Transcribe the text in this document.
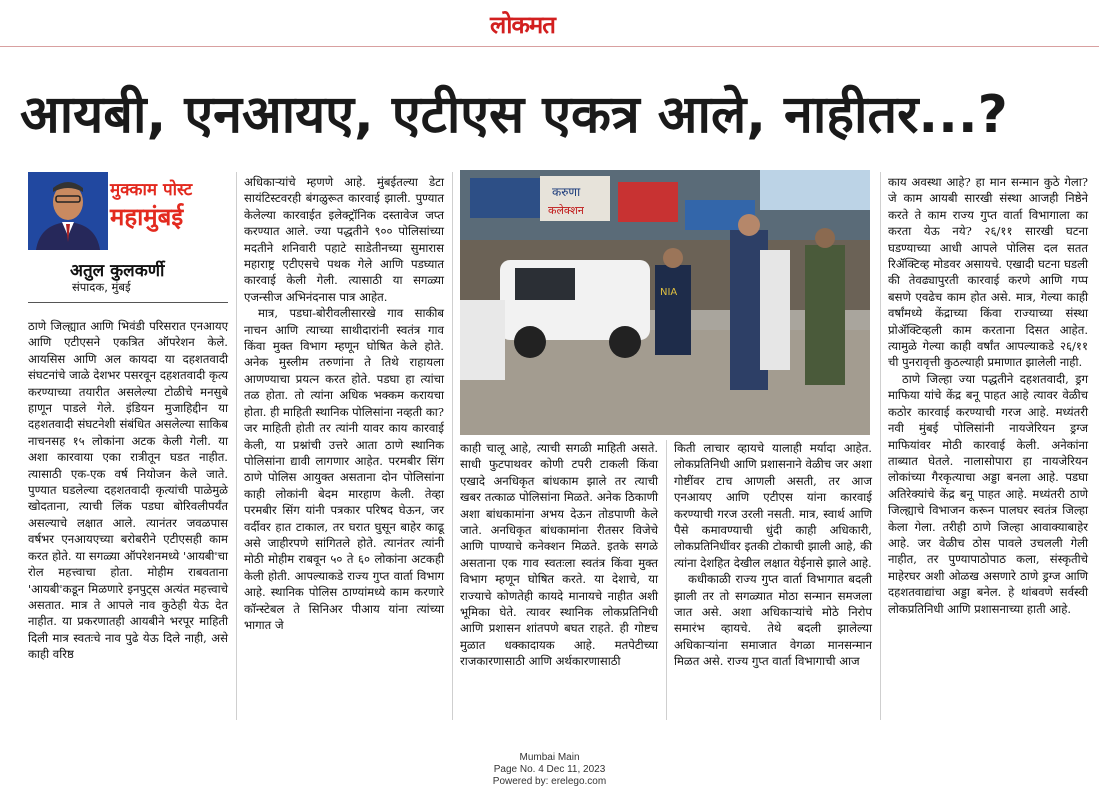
लोकमत
आयबी, एनआयए, एटीएस एकत्र आले, नाहीतर...?
मुक्काम पोस्ट
महामुंबई
अतुल कुलकर्णी
संपादक, मुंबई

ठाणे जिल्ह्यात आणि भिवंडी परिसरात एनआयए आणि एटीएसने एकत्रित ऑपरेशन केले. आयसिस आणि अल कायदा या दहशतवादी संघटनांचे जाळे देशभर पसरवून दहशतवादी कृत्य करण्याच्या तयारीत असलेल्या टोळीचे मनसुबे हाणून पाडले गेले. इंडियन मुजाहिद्दीन या दहशतवादी संघटनेशी संबंधित असलेल्या साकिब नाचनसह १५ लोकांना अटक केली गेली. या अशा कारवाया एका रात्रीतून घडत नाहीत. त्यासाठी एक-एक वर्ष नियोजन केले जाते. पुण्यात घडलेल्या दहशतवादी कृत्यांची पाळेमुळे खोदताना, त्याची लिंक पडघा बोरिवलीपर्यंत असल्याचे लक्षात आले. त्यानंतर जवळपास वर्षभर एनआयएच्या बरोबरीने एटीएसही काम करत होते. या सगळ्या ऑपरेशनमध्ये 'आयबी'चा रोल महत्त्वाचा होता. मोहीम राबवताना 'आयबी'कडून मिळणारे इनपुट्स अत्यंत महत्त्वाचे असतात. मात्र ते आपले नाव कुठेही येऊ देत नाहीत. या प्रकरणातही आयबीने भरपूर माहिती दिली मात्र स्वतःचे नाव पुढे येऊ दिले नाही, असे काही वरिष्ठ

अधिकाऱ्यांचे म्हणणे आहे. मुंबईतल्या डेटा सायंटिस्टवरही बंगळुरूत कारवाई झाली. पुण्यात केलेल्या कारवाईत इलेक्ट्रॉनिक दस्तावेज जप्त करण्यात आले. ज्या पद्धतीने ९०० पोलिसांच्या मदतीने शनिवारी पहाटे साडेतीनच्या सुमारास महाराष्ट्र एटीएसचे पथक गेले आणि पडघ्यात कारवाई केली गेली. त्यासाठी या सगळ्या एजन्सीज अभिनंदनास पात्र आहेत.

मात्र, पडघा-बोरीवलीसारखे गाव साकीब नाचन आणि त्याच्या साथीदारांनी स्वतंत्र गाव किंवा मुक्त विभाग म्हणून घोषित केले होते. अनेक मुस्लीम तरुणांना ते तिथे राहायला आणण्याचा प्रयत्न करत होते. पडघा हा त्यांचा तळ होता. तो त्यांना अधिक भक्कम करायचा होता. ही माहिती स्थानिक पोलिसांना नव्हती का? जर माहिती होती तर त्यांनी यावर काय कारवाई केली, या प्रश्नांची उत्तरे आता ठाणे स्थानिक पोलिसांना द्यावी लागणार आहेत. परमबीर सिंग ठाणे पोलिस आयुक्त असताना दोन पोलिसांना काही लोकांनी बेदम मारहाण केली. तेव्हा परमबीर सिंग यांनी पत्रकार परिषद घेऊन, जर वर्दीवर हात टाकाल, तर घरात घुसून बाहेर काढू असे जाहीरपणे सांगितले होते. त्यानंतर त्यांनी मोठी मोहीम राबवून ५० ते ६० लोकांना अटकही केली होती. आपल्याकडे राज्य गुप्त वार्ता विभाग आहे. स्थानिक पोलिस ठाण्यांमध्ये काम करणारे कॉन्स्टेबल ते सिनिअर पीआय यांना त्यांच्या भागात जे

करुणा
कलेक्शन
NIA

काही चालू आहे, त्याची सगळी माहिती असते. साधी फुटपाथवर कोणी टपरी टाकली किंवा एखादे अनधिकृत बांधकाम झाले तर त्याची खबर तत्काळ पोलिसांना मिळते. अनेक ठिकाणी अशा बांधकामांना अभय देऊन तोडपाणी केले जाते. अनधिकृत बांधकामांना रीतसर विजेचे आणि पाण्याचे कनेक्शन मिळते. इतके सगळे असताना एक गाव स्वतःला स्वतंत्र किंवा मुक्त विभाग म्हणून घोषित करते. या देशाचे, या राज्याचे कोणतेही कायदे मानायचे नाहीत अशी भूमिका घेते. त्यावर स्थानिक लोकप्रतिनिधी आणि प्रशासन शांतपणे बघत राहते. ही गोष्टच मुळात धक्कादायक आहे. मतपेटीच्या राजकारणासाठी आणि अर्थकारणासाठी

किती लाचार व्हायचे यालाही मर्यादा आहेत. लोकप्रतिनिधी आणि प्रशासनाने वेळीच जर अशा गोष्टींवर टाच आणली असती, तर आज एनआयए आणि एटीएस यांना कारवाई करण्याची गरज उरली नसती. मात्र, स्वार्थ आणि पैसे कमावण्याची धुंदी काही अधिकारी, लोकप्रतिनिधींवर इतकी टोकाची झाली आहे, की त्यांना देशहित देखील लक्षात येईनासे झाले आहे.

कधीकाळी राज्य गुप्त वार्ता विभागात बदली झाली तर तो सगळ्यात मोठा सन्मान समजला जात असे. अशा अधिकाऱ्यांचे मोठे निरोप समारंभ व्हायचे. तेथे बदली झालेल्या अधिकाऱ्यांना समाजात वेगळा मानसन्मान मिळत असे. राज्य गुप्त वार्ता विभागाची आज

काय अवस्था आहे? हा मान सन्मान कुठे गेला? जे काम आयबी सारखी संस्था आजही निष्ठेने करते ते काम राज्य गुप्त वार्ता विभागाला का करता येऊ नये? २६/११ सारखी घटना घडण्याच्या आधी आपले पोलिस दल सतत रिॲक्टिव्ह मोडवर असायचे. एखादी घटना घडली की तेवढ्यापुरती कारवाई करणे आणि गप्प बसणे एवढेच काम होत असे. मात्र, गेल्या काही वर्षांमध्ये केंद्राच्या किंवा राज्याच्या संस्था प्रोॲक्टिव्हली काम करताना दिसत आहेत. त्यामुळे गेल्या काही वर्षांत आपल्याकडे २६/११ ची पुनरावृत्ती कुठल्याही प्रमाणात झालेली नाही.

ठाणे जिल्हा ज्या पद्धतीने दहशतवादी, ड्रग माफिया यांचे केंद्र बनू पाहत आहे त्यावर वेळीच कठोर कारवाई करण्याची गरज आहे. मध्यंतरी नवी मुंबई पोलिसांनी नायजेरियन ड्रग्ज माफियांवर मोठी कारवाई केली. अनेकांना ताब्यात घेतले. नालासोपारा हा नायजेरियन लोकांच्या गैरकृत्याचा अड्डा बनला आहे. पडघा अतिरेक्यांचे केंद्र बनू पाहत आहे. मध्यंतरी ठाणे जिल्ह्याचे विभाजन करून पालघर स्वतंत्र जिल्हा केला गेला. तरीही ठाणे जिल्हा आवाक्याबाहेर आहे. जर वेळीच ठोस पावले उचलली गेली नाहीत, तर पुण्यापाठोपाठ कला, संस्कृतीचे माहेरघर अशी ओळख असणारे ठाणे ड्रग्ज आणि दहशतवाद्यांचा अड्डा बनेल. हे थांबवणे सर्वस्वी लोकप्रतिनिधी आणि प्रशासनाच्या हाती आहे.

Mumbai Main
Page No. 4 Dec 11, 2023
Powered by: erelego.com
